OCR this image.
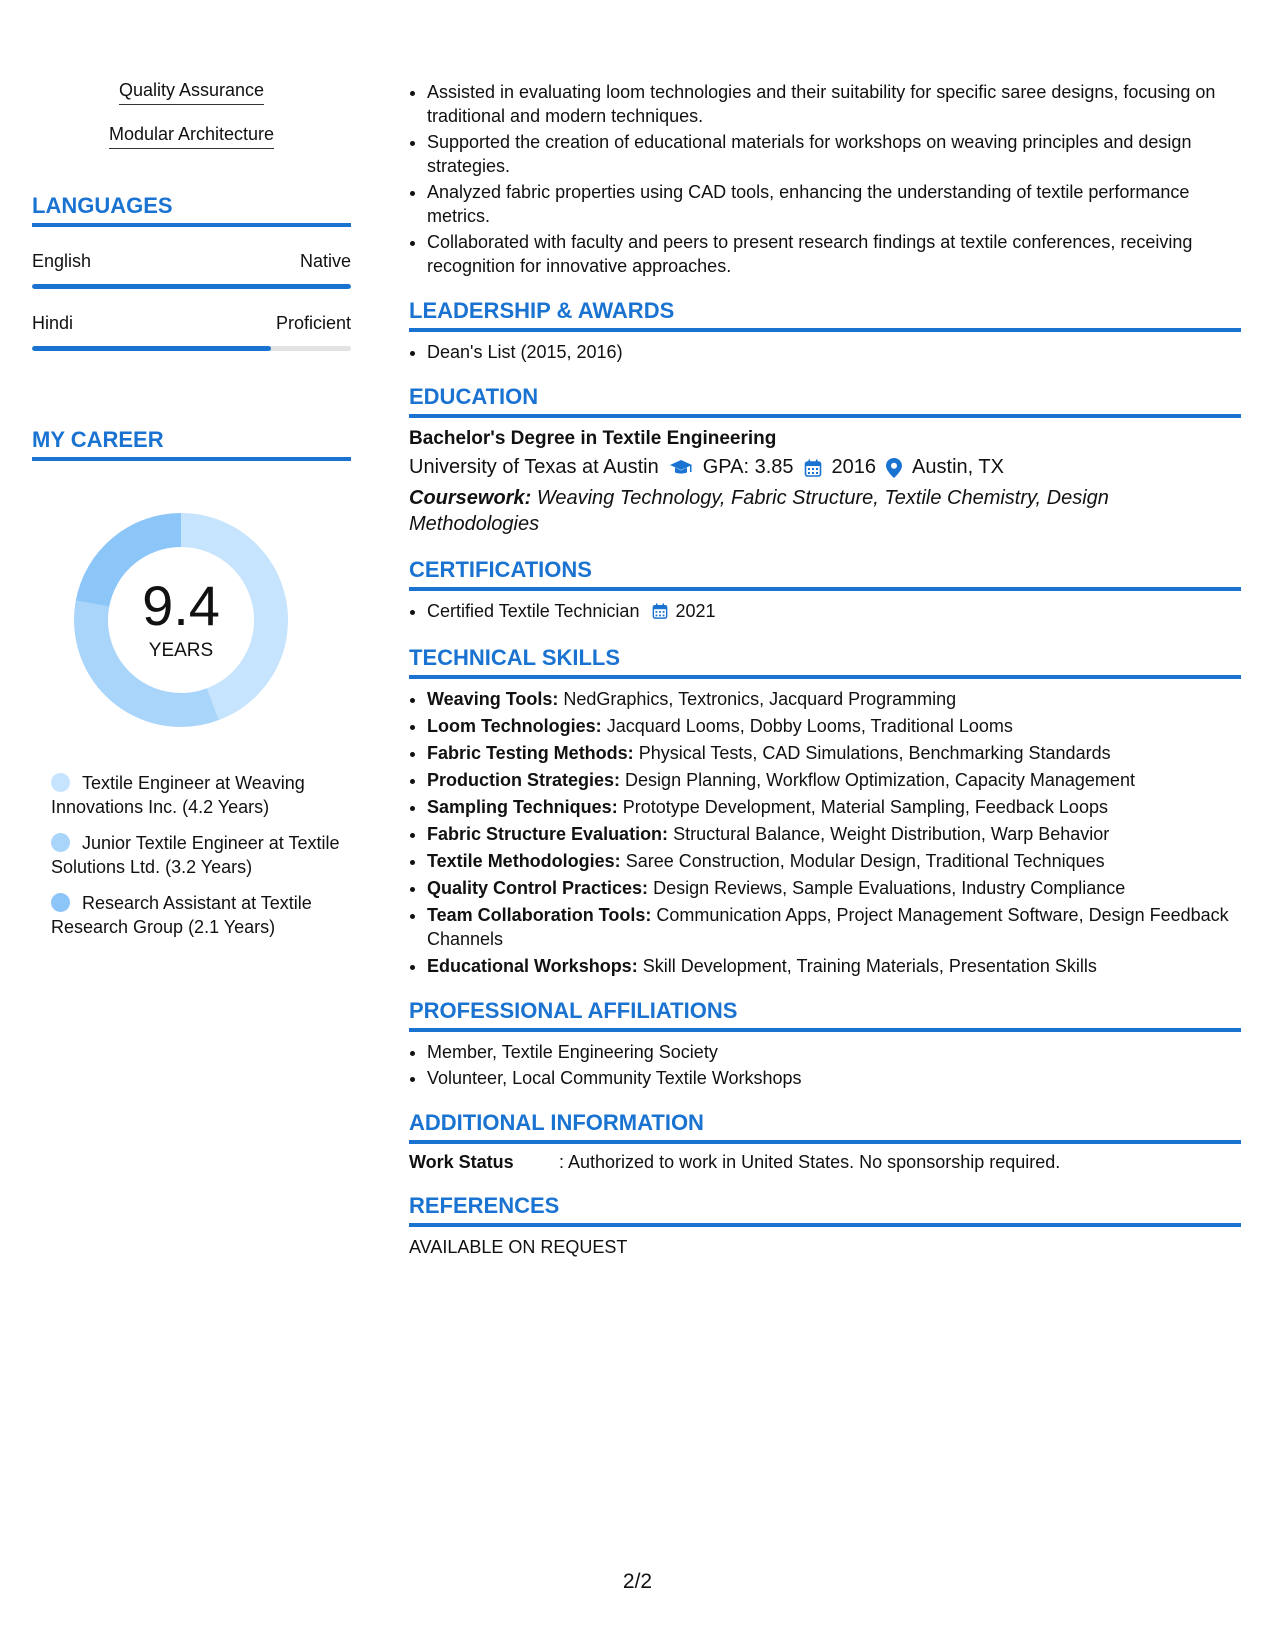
Quality Assurance
Modular Architecture
LANGUAGES
English	Native
Hindi	Proficient
MY CAREER
9.4
YEARS
Textile Engineer at Weaving Innovations Inc. (4.2 Years)
Junior Textile Engineer at Textile Solutions Ltd. (3.2 Years)
Research Assistant at Textile Research Group (2.1 Years)
• Assisted in evaluating loom technologies and their suitability for specific saree designs, focusing on traditional and modern techniques.
• Supported the creation of educational materials for workshops on weaving principles and design strategies.
• Analyzed fabric properties using CAD tools, enhancing the understanding of textile performance metrics.
• Collaborated with faculty and peers to present research findings at textile conferences, receiving recognition for innovative approaches.
LEADERSHIP & AWARDS
• Dean's List (2015, 2016)
EDUCATION
Bachelor's Degree in Textile Engineering
University of Texas at Austin GPA: 3.85 2016 Austin, TX
Coursework: Weaving Technology, Fabric Structure, Textile Chemistry, Design Methodologies
CERTIFICATIONS
• Certified Textile Technician 2021
TECHNICAL SKILLS
• Weaving Tools: NedGraphics, Textronics, Jacquard Programming
• Loom Technologies: Jacquard Looms, Dobby Looms, Traditional Looms
• Fabric Testing Methods: Physical Tests, CAD Simulations, Benchmarking Standards
• Production Strategies: Design Planning, Workflow Optimization, Capacity Management
• Sampling Techniques: Prototype Development, Material Sampling, Feedback Loops
• Fabric Structure Evaluation: Structural Balance, Weight Distribution, Warp Behavior
• Textile Methodologies: Saree Construction, Modular Design, Traditional Techniques
• Quality Control Practices: Design Reviews, Sample Evaluations, Industry Compliance
• Team Collaboration Tools: Communication Apps, Project Management Software, Design Feedback Channels
• Educational Workshops: Skill Development, Training Materials, Presentation Skills
PROFESSIONAL AFFILIATIONS
• Member, Textile Engineering Society
• Volunteer, Local Community Textile Workshops
ADDITIONAL INFORMATION
Work Status	: Authorized to work in United States. No sponsorship required.
REFERENCES
AVAILABLE ON REQUEST
2/2
